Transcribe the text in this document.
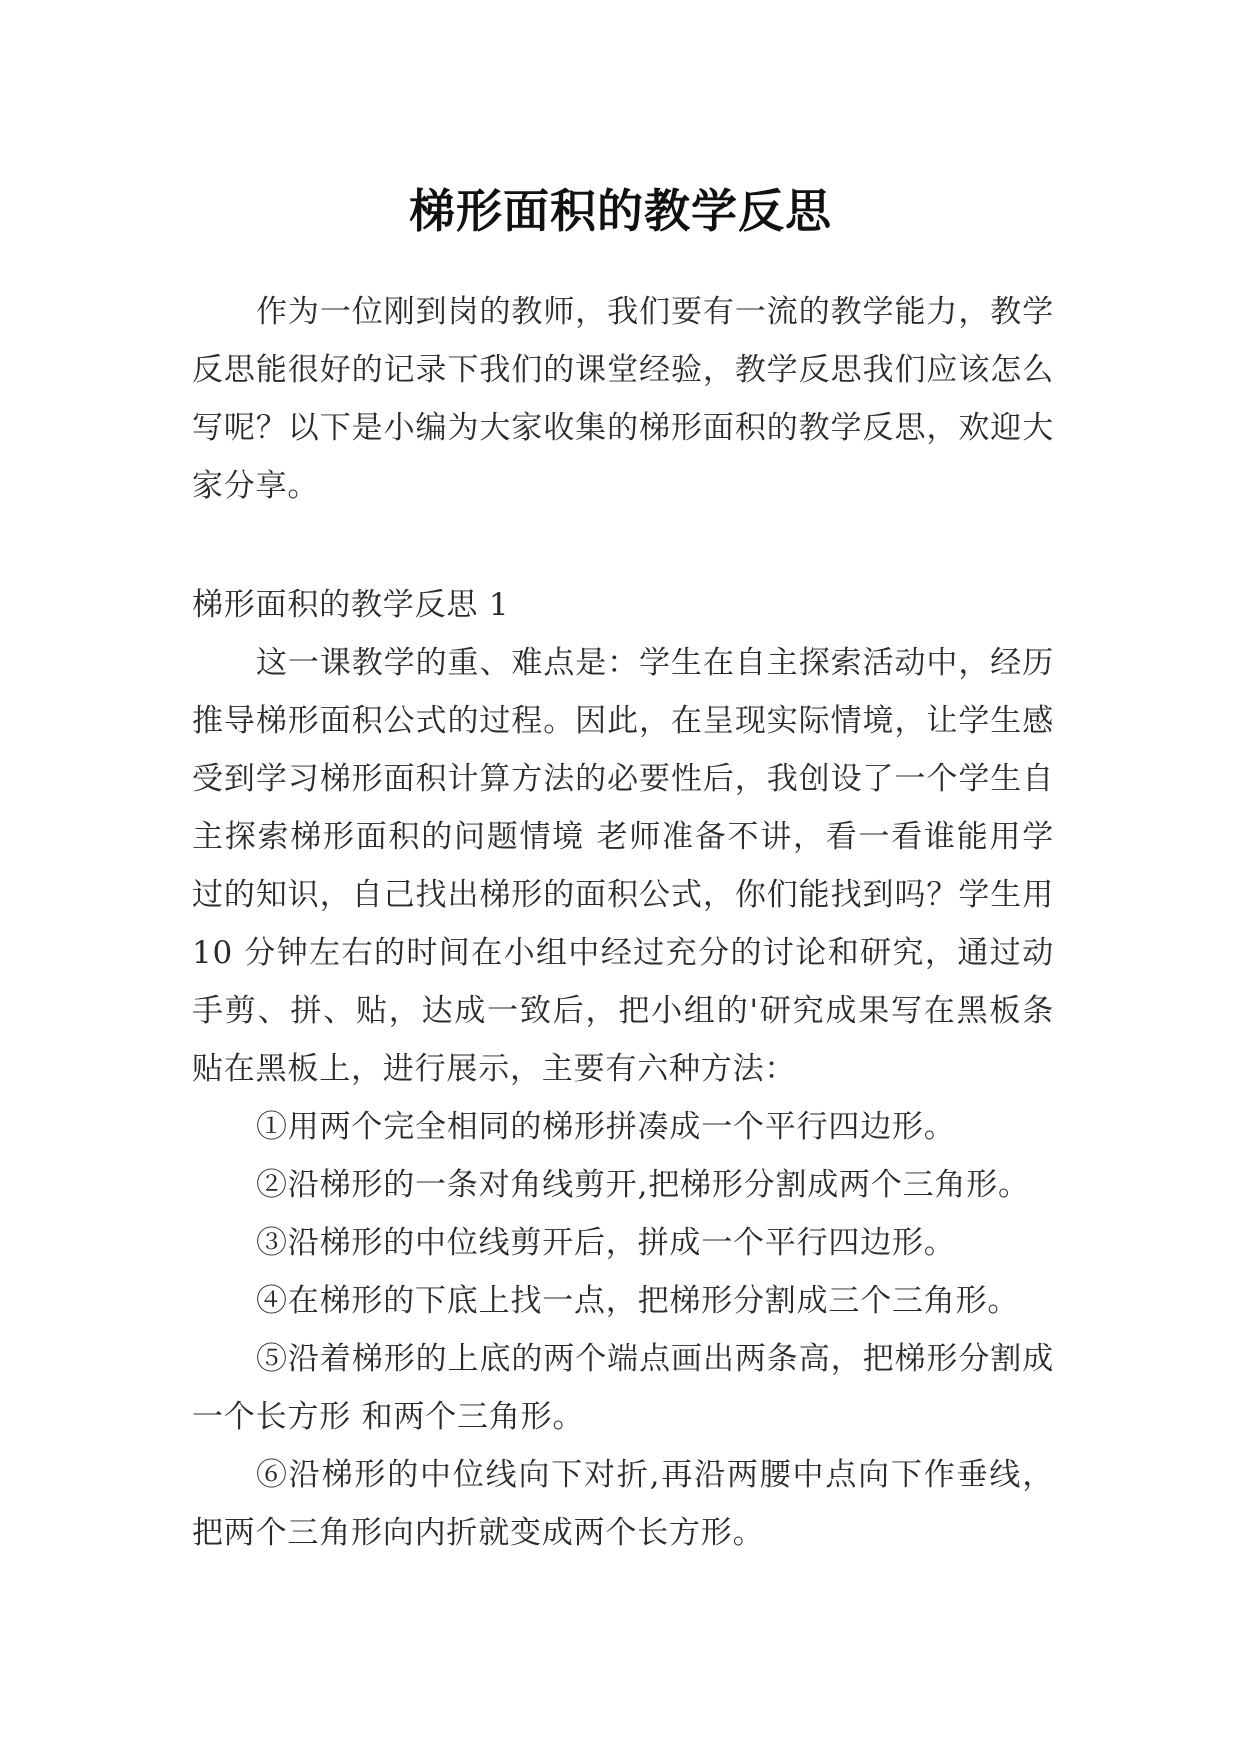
梯形面积的教学反思

作为一位刚到岗的教师，我们要有一流的教学能力，教学反思能很好的记录下我们的课堂经验，教学反思我们应该怎么写呢？以下是小编为大家收集的梯形面积的教学反思，欢迎大家分享。

梯形面积的教学反思 1

这一课教学的重、难点是：学生在自主探索活动中，经历推导梯形面积公式的过程。因此，在呈现实际情境，让学生感受到学习梯形面积计算方法的必要性后，我创设了一个学生自主探索梯形面积的问题情境 老师准备不讲，看一看谁能用学过的知识，自己找出梯形的面积公式，你们能找到吗？学生用 10 分钟左右的时间在小组中经过充分的讨论和研究，通过动手剪、拼、贴，达成一致后，把小组的'研究成果写在黑板条贴在黑板上，进行展示，主要有六种方法：

①用两个完全相同的梯形拼凑成一个平行四边形。

②沿梯形的一条对角线剪开,把梯形分割成两个三角形。

③沿梯形的中位线剪开后，拼成一个平行四边形。

④在梯形的下底上找一点，把梯形分割成三个三角形。

⑤沿着梯形的上底的两个端点画出两条高，把梯形分割成一个长方形 和两个三角形。

⑥沿梯形的中位线向下对折,再沿两腰中点向下作垂线，把两个三角形向内折就变成两个长方形。
